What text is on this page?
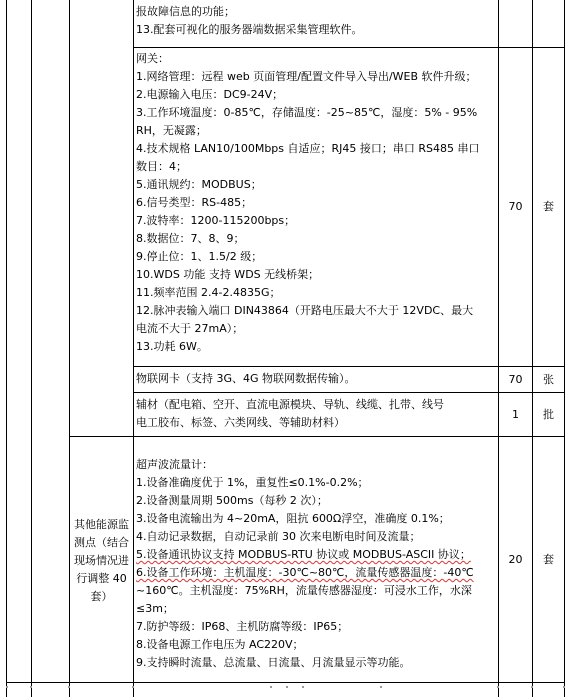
报故障信息的功能；
13.配套可视化的服务器端数据采集管理软件。
网关：
1.网络管理：远程 web 页面管理/配置文件导入导出/WEB 软件升级；
2.电源输入电压：DC9-24V；
3.工作环境温度：0-85℃，存储温度：-25~85℃，湿度：5% - 95%
RH，无凝露；
4.技术规格 LAN10/100Mbps 自适应；RJ45 接口；串口 RS485 串口
数目：4；
5.通讯规约：MODBUS；
6.信号类型：RS-485；
7.波特率：1200-115200bps；
8.数据位：7、8、9；
9.停止位：1、1.5/2 级；
10.WDS 功能 支持 WDS 无线桥架；
11.频率范围 2.4-2.4835G；
12.脉冲表输入端口 DIN43864（开路电压最大不大于 12VDC、最大
电流不大于 27mA）；
13.功耗 6W。
70	套
物联网卡（支持 3G、4G 物联网数据传输）。	70	张
辅材（配电箱、空开、直流电源模块、导轨、线缆、扎带、线号
电工胶布、标签、六类网线、等辅助材料）
1	批
其他能源监
测点（结合
现场情况进
行调整 40
套）
超声波流量计：
1.设备准确度优于 1%，重复性≤0.1%-0.2%；
2.设备测量周期 500ms（每秒 2 次）；
3.设备电流输出为 4~20mA，阻抗 600Ω浮空，准确度 0.1%；
4.自动记录数据，自动记录前 30 次来电断电时间及流量；
5.设备通讯协议支持 MODBUS-RTU 协议或 MODBUS-ASCII 协议；
6.设备工作环境：主机温度：-30℃~80℃，流量传感器温度：-40℃
~160℃。主机湿度：75%RH，流量传感器湿度：可浸水工作，水深
≤3m；
7.防护等级：IP68、主机防腐等级：IP65；
8.设备电源工作电压为 AC220V；
9.支持瞬时流量、总流量、日流量、月流量显示等功能。
20	套
